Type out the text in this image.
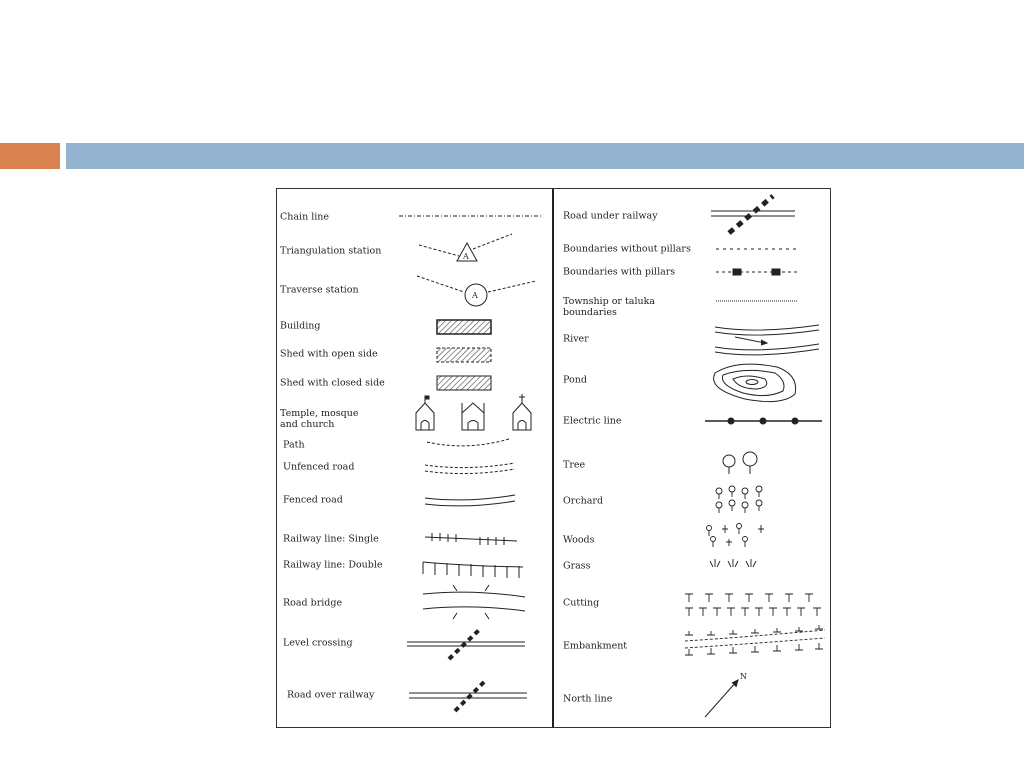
A
A
N
Chain line
Triangulation station
Traverse station
Building
Shed with open side
Shed with closed side
Temple, mosque
and church
Path
Unfenced road
Fenced road
Railway line: Single
Railway line: Double
Road bridge
Level crossing
Road over railway
Road under railway
Boundaries without pillars
Boundaries with pillars
Township or taluka
boundaries
River
Pond
Electric line
Tree
Orchard
Woods
Grass
Cutting
Embankment
North line
